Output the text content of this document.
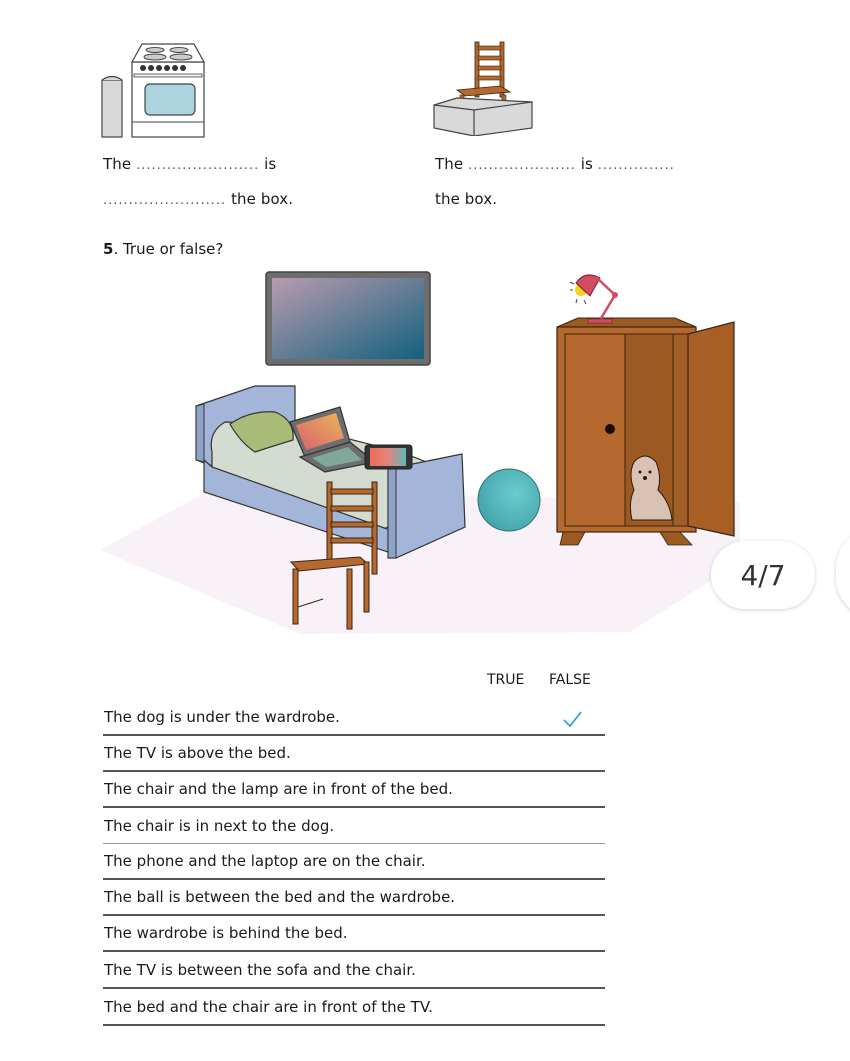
The ........................ is
........................ the box.
The ..................... is ...............
the box.
5. True or false?
4/7
TRUE FALSE
The dog is under the wardrobe.
The TV is above the bed.
The chair and the lamp are in front of the bed.
The chair is in next to the dog.
The phone and the laptop are on the chair.
The ball is between the bed and the wardrobe.
The wardrobe is behind the bed.
The TV is between the sofa and the chair.
The bed and the chair are in front of the TV.
